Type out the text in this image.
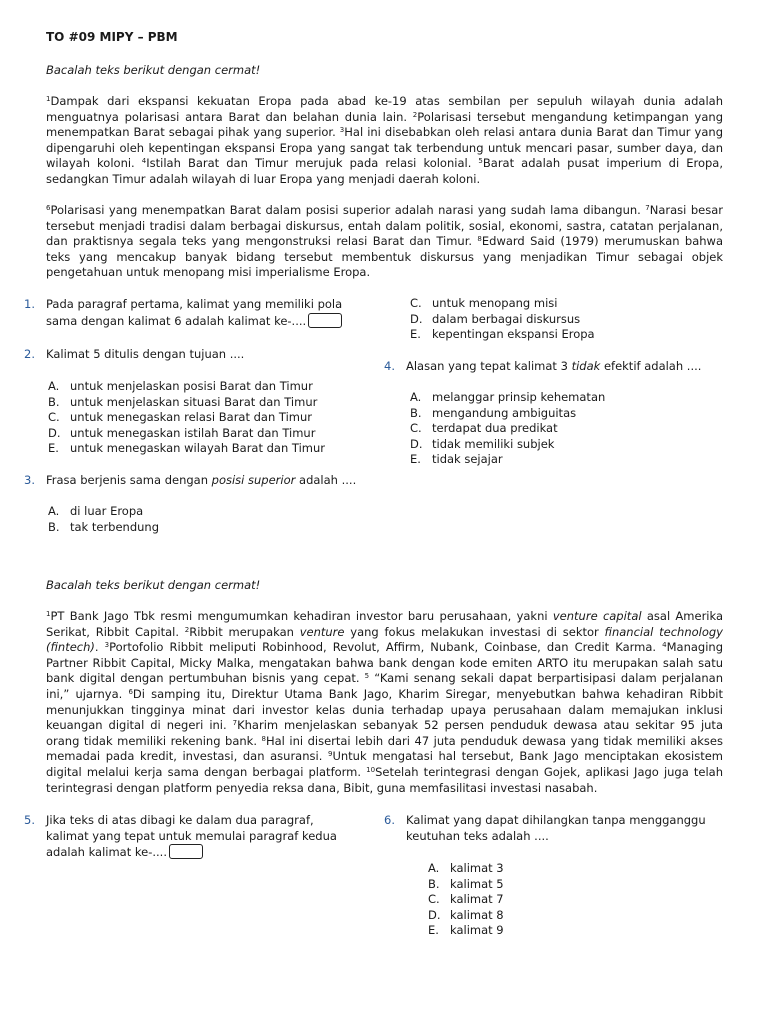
TO #09 MIPY – PBM
Bacalah teks berikut dengan cermat!
$^1$Dampak dari ekspansi kekuatan Eropa pada abad ke-19 atas sembilan per sepuluh wilayah dunia adalah menguatnya polarisasi antara Barat dan belahan dunia lain. $^2$Polarisasi tersebut mengandung ketimpangan yang menempatkan Barat sebagai pihak yang superior. $^3$Hal ini disebabkan oleh relasi antara dunia Barat dan Timur yang dipengaruhi oleh kepentingan ekspansi Eropa yang sangat tak terbendung untuk mencari pasar, sumber daya, dan wilayah koloni. $^4$Istilah Barat dan Timur merujuk pada relasi kolonial. $^5$Barat adalah pusat imperium di Eropa, sedangkan Timur adalah wilayah di luar Eropa yang menjadi daerah koloni.
$^6$Polarisasi yang menempatkan Barat dalam posisi superior adalah narasi yang sudah lama dibangun. $^7$Narasi besar tersebut menjadi tradisi dalam berbagai diskursus, entah dalam politik, sosial, ekonomi, sastra, catatan perjalanan, dan praktisnya segala teks yang mengonstruksi relasi Barat dan Timur. $^8$Edward Said (1979) merumuskan bahwa teks yang mencakup banyak bidang tersebut membentuk diskursus yang menjadikan Timur sebagai objek pengetahuan untuk menopang misi imperialisme Eropa.
1. Pada paragraf pertama, kalimat yang memiliki pola
sama dengan kalimat 6 adalah kalimat ke-....
C. untuk menopang misi
D. dalam berbagai diskursus
E. kepentingan ekspansi Eropa
2. Kalimat 5 ditulis dengan tujuan ....
A. untuk menjelaskan posisi Barat dan Timur
B. untuk menjelaskan situasi Barat dan Timur
C. untuk menegaskan relasi Barat dan Timur
D. untuk menegaskan istilah Barat dan Timur
E. untuk menegaskan wilayah Barat dan Timur
4. Alasan yang tepat kalimat 3 tidak efektif adalah ....
A. melanggar prinsip kehematan
B. mengandung ambiguitas
C. terdapat dua predikat
D. tidak memiliki subjek
E. tidak sejajar
3. Frasa berjenis sama dengan posisi superior adalah ....
A. di luar Eropa
B. tak terbendung
Bacalah teks berikut dengan cermat!
$^1$PT Bank Jago Tbk resmi mengumumkan kehadiran investor baru perusahaan, yakni venture capital asal Amerika Serikat, Ribbit Capital. $^2$Ribbit merupakan venture yang fokus melakukan investasi di sektor financial technology (fintech). $^3$Portofolio Ribbit meliputi Robinhood, Revolut, Affirm, Nubank, Coinbase, dan Credit Karma. $^4$Managing Partner Ribbit Capital, Micky Malka, mengatakan bahwa bank dengan kode emiten ARTO itu merupakan salah satu bank digital dengan pertumbuhan bisnis yang cepat. $^5$ “Kami senang sekali dapat berpartisipasi dalam perjalanan ini,” ujarnya. $^6$Di samping itu, Direktur Utama Bank Jago, Kharim Siregar, menyebutkan bahwa kehadiran Ribbit menunjukkan tingginya minat dari investor kelas dunia terhadap upaya perusahaan dalam memajukan inklusi keuangan digital di negeri ini. $^7$Kharim menjelaskan sebanyak 52 persen penduduk dewasa atau sekitar 95 juta orang tidak memiliki rekening bank. $^8$Hal ini disertai lebih dari 47 juta penduduk dewasa yang tidak memiliki akses memadai pada kredit, investasi, dan asuransi. $^9$Untuk mengatasi hal tersebut, Bank Jago menciptakan ekosistem digital melalui kerja sama dengan berbagai platform. $^{10}$Setelah terintegrasi dengan Gojek, aplikasi Jago juga telah terintegrasi dengan platform penyedia reksa dana, Bibit, guna memfasilitasi investasi nasabah.
5. Jika teks di atas dibagi ke dalam dua paragraf,
kalimat yang tepat untuk memulai paragraf kedua
adalah kalimat ke-....
6. Kalimat yang dapat dihilangkan tanpa mengganggu
keutuhan teks adalah ....
A. kalimat 3
B. kalimat 5
C. kalimat 7
D. kalimat 8
E. kalimat 9
